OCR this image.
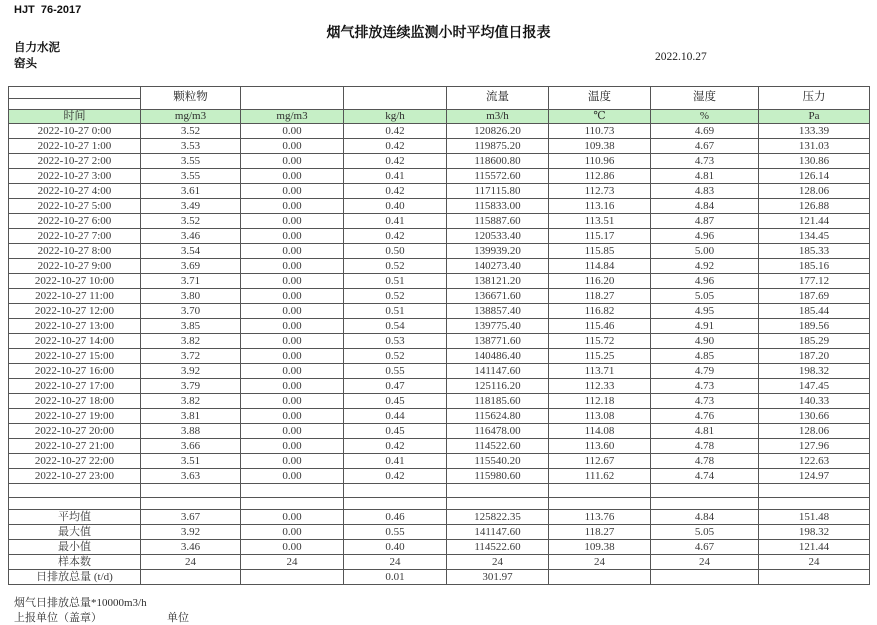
HJT  76-2017
烟气排放连续监测小时平均值日报表
自力水泥
窑头
2022.10.27
	颗粒物			流量	温度	湿度	压力
时间	mg/m3	mg/m3	kg/h	m3/h	℃	%	Pa
2022-10-27 0:00	3.52	0.00	0.42	120826.20	110.73	4.69	133.39
2022-10-27 1:00	3.53	0.00	0.42	119875.20	109.38	4.67	131.03
2022-10-27 2:00	3.55	0.00	0.42	118600.80	110.96	4.73	130.86
2022-10-27 3:00	3.55	0.00	0.41	115572.60	112.86	4.81	126.14
2022-10-27 4:00	3.61	0.00	0.42	117115.80	112.73	4.83	128.06
2022-10-27 5:00	3.49	0.00	0.40	115833.00	113.16	4.84	126.88
2022-10-27 6:00	3.52	0.00	0.41	115887.60	113.51	4.87	121.44
2022-10-27 7:00	3.46	0.00	0.42	120533.40	115.17	4.96	134.45
2022-10-27 8:00	3.54	0.00	0.50	139939.20	115.85	5.00	185.33
2022-10-27 9:00	3.69	0.00	0.52	140273.40	114.84	4.92	185.16
2022-10-27 10:00	3.71	0.00	0.51	138121.20	116.20	4.96	177.12
2022-10-27 11:00	3.80	0.00	0.52	136671.60	118.27	5.05	187.69
2022-10-27 12:00	3.70	0.00	0.51	138857.40	116.82	4.95	185.44
2022-10-27 13:00	3.85	0.00	0.54	139775.40	115.46	4.91	189.56
2022-10-27 14:00	3.82	0.00	0.53	138771.60	115.72	4.90	185.29
2022-10-27 15:00	3.72	0.00	0.52	140486.40	115.25	4.85	187.20
2022-10-27 16:00	3.92	0.00	0.55	141147.60	113.71	4.79	198.32
2022-10-27 17:00	3.79	0.00	0.47	125116.20	112.33	4.73	147.45
2022-10-27 18:00	3.82	0.00	0.45	118185.60	112.18	4.73	140.33
2022-10-27 19:00	3.81	0.00	0.44	115624.80	113.08	4.76	130.66
2022-10-27 20:00	3.88	0.00	0.45	116478.00	114.08	4.81	128.06
2022-10-27 21:00	3.66	0.00	0.42	114522.60	113.60	4.78	127.96
2022-10-27 22:00	3.51	0.00	0.41	115540.20	112.67	4.78	122.63
2022-10-27 23:00	3.63	0.00	0.42	115980.60	111.62	4.74	124.97

平均值	3.67	0.00	0.46	125822.35	113.76	4.84	151.48
最大值	3.92	0.00	0.55	141147.60	118.27	5.05	198.32
最小值	3.46	0.00	0.40	114522.60	109.38	4.67	121.44
样本数	24	24	24	24	24	24	24
日排放总量 (t/d)			0.01	301.97			
烟气日排放总量*10000m3/h
上报单位（盖章）	单位
